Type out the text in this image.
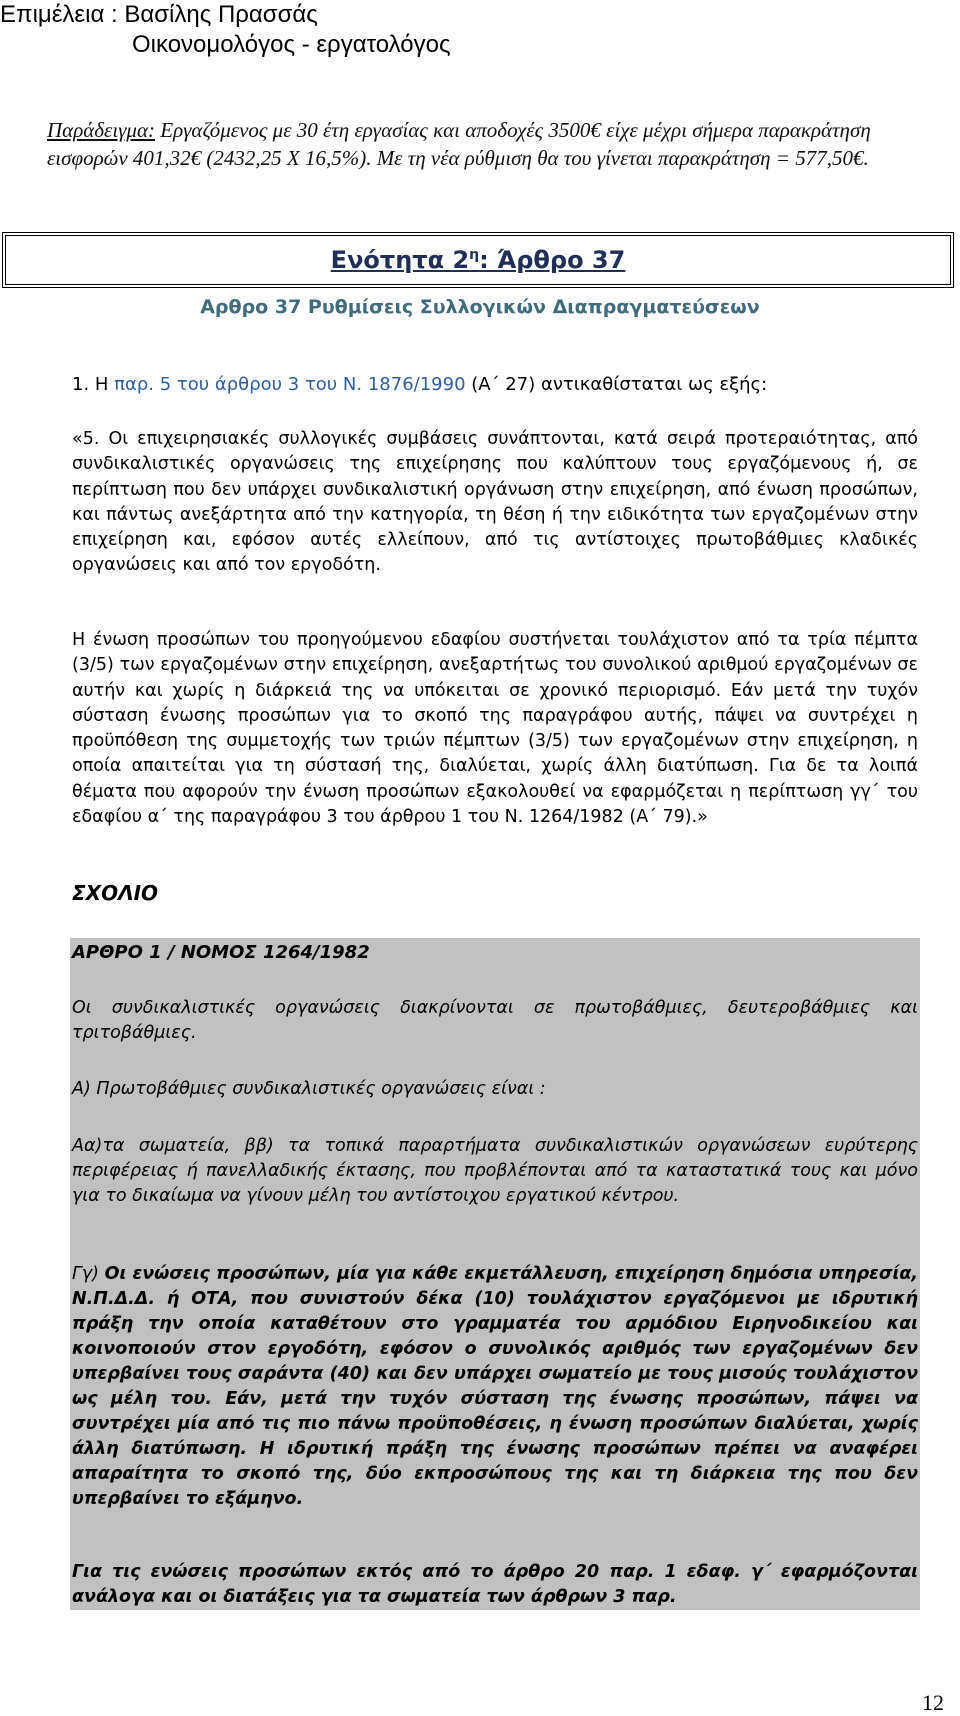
Επιμέλεια : Βασίλης Πρασσάς
Οικονομολόγος - εργατολόγος
Παράδειγμα: Εργαζόμενος με 30 έτη εργασίας και αποδοχές 3500€ είχε μέχρι σήμερα παρακράτηση εισφορών 401,32€ (2432,25 Χ 16,5%). Με τη νέα ρύθμιση θα του γίνεται παρακράτηση = 577,50€.
Ενότητα $2^\eta$: Άρθρο 37
Αρθρο 37 Ρυθμίσεις Συλλογικών Διαπραγματεύσεων
1. Η παρ. 5 του άρθρου 3 του Ν. 1876/1990 (Α΄ 27) αντικαθίσταται ως εξής:
«5. Οι επιχειρησιακές συλλογικές συμβάσεις συνάπτονται, κατά σειρά προτεραιότητας, από συνδικαλιστικές οργανώσεις της επιχείρησης που καλύπτουν τους εργαζόμενους ή, σε περίπτωση που δεν υπάρχει συνδικαλιστική οργάνωση στην επιχείρηση, από ένωση προσώπων, και πάντως ανεξάρτητα από την κατηγορία, τη θέση ή την ειδικότητα των εργαζομένων στην επιχείρηση και, εφόσον αυτές ελλείπουν, από τις αντίστοιχες πρωτοβάθμιες κλαδικές οργανώσεις και από τον εργοδότη.
Η ένωση προσώπων του προηγούμενου εδαφίου συστήνεται τουλάχιστον από τα τρία πέμπτα (3/5) των εργαζομένων στην επιχείρηση, ανεξαρτήτως του συνολικού αριθμού εργαζομένων σε αυτήν και χωρίς η διάρκειά της να υπόκειται σε χρονικό περιορισμό. Εάν μετά την τυχόν σύσταση ένωσης προσώπων για το σκοπό της παραγράφου αυτής, πάψει να συντρέχει η προϋπόθεση της συμμετοχής των τριών πέμπτων (3/5) των εργαζομένων στην επιχείρηση, η οποία απαιτείται για τη σύστασή της, διαλύεται, χωρίς άλλη διατύπωση. Για δε τα λοιπά θέματα που αφορούν την ένωση προσώπων εξακολουθεί να εφαρμόζεται η περίπτωση γγ΄ του εδαφίου α΄ της παραγράφου 3 του άρθρου 1 του Ν. 1264/1982 (Α΄ 79).»
ΣΧΟΛΙΟ
ΑΡΘΡΟ 1 / ΝΟΜΟΣ 1264/1982
Οι συνδικαλιστικές οργανώσεις διακρίνονται σε πρωτοβάθμιες, δευτεροβάθμιες και τριτοβάθμιες.
Α) Πρωτοβάθμιες συνδικαλιστικές οργανώσεις είναι :
Αα)τα σωματεία, ββ) τα τοπικά παραρτήματα συνδικαλιστικών οργανώσεων ευρύτερης περιφέρειας ή πανελλαδικής έκτασης, που προβλέπονται από τα καταστατικά τους και μόνο για το δικαίωμα να γίνουν μέλη του αντίστοιχου εργατικού κέντρου.
Γγ) Οι ενώσεις προσώπων, μία για κάθε εκμετάλλευση, επιχείρηση δημόσια υπηρεσία, Ν.Π.Δ.Δ. ή ΟΤΑ, που συνιστούν δέκα (10) τουλάχιστον εργαζόμενοι με ιδρυτική πράξη την οποία καταθέτουν στο γραμματέα του αρμόδιου Ειρηνοδικείου και κοινοποιούν στον εργοδότη, εφόσον ο συνολικός αριθμός των εργαζομένων δεν υπερβαίνει τους σαράντα (40) και δεν υπάρχει σωματείο με τους μισούς τουλάχιστον ως μέλη του. Εάν, μετά την τυχόν σύσταση της ένωσης προσώπων, πάψει να συντρέχει μία από τις πιο πάνω προϋποθέσεις, η ένωση προσώπων διαλύεται, χωρίς άλλη διατύπωση. Η ιδρυτική πράξη της ένωσης προσώπων πρέπει να αναφέρει απαραίτητα το σκοπό της, δύο εκπροσώπους της και τη διάρκεια της που δεν υπερβαίνει το εξάμηνο.
Για τις ενώσεις προσώπων εκτός από το άρθρο 20 παρ. 1 εδαφ. γ΄ εφαρμόζονται ανάλογα και οι διατάξεις για τα σωματεία των άρθρων 3 παρ.
12
